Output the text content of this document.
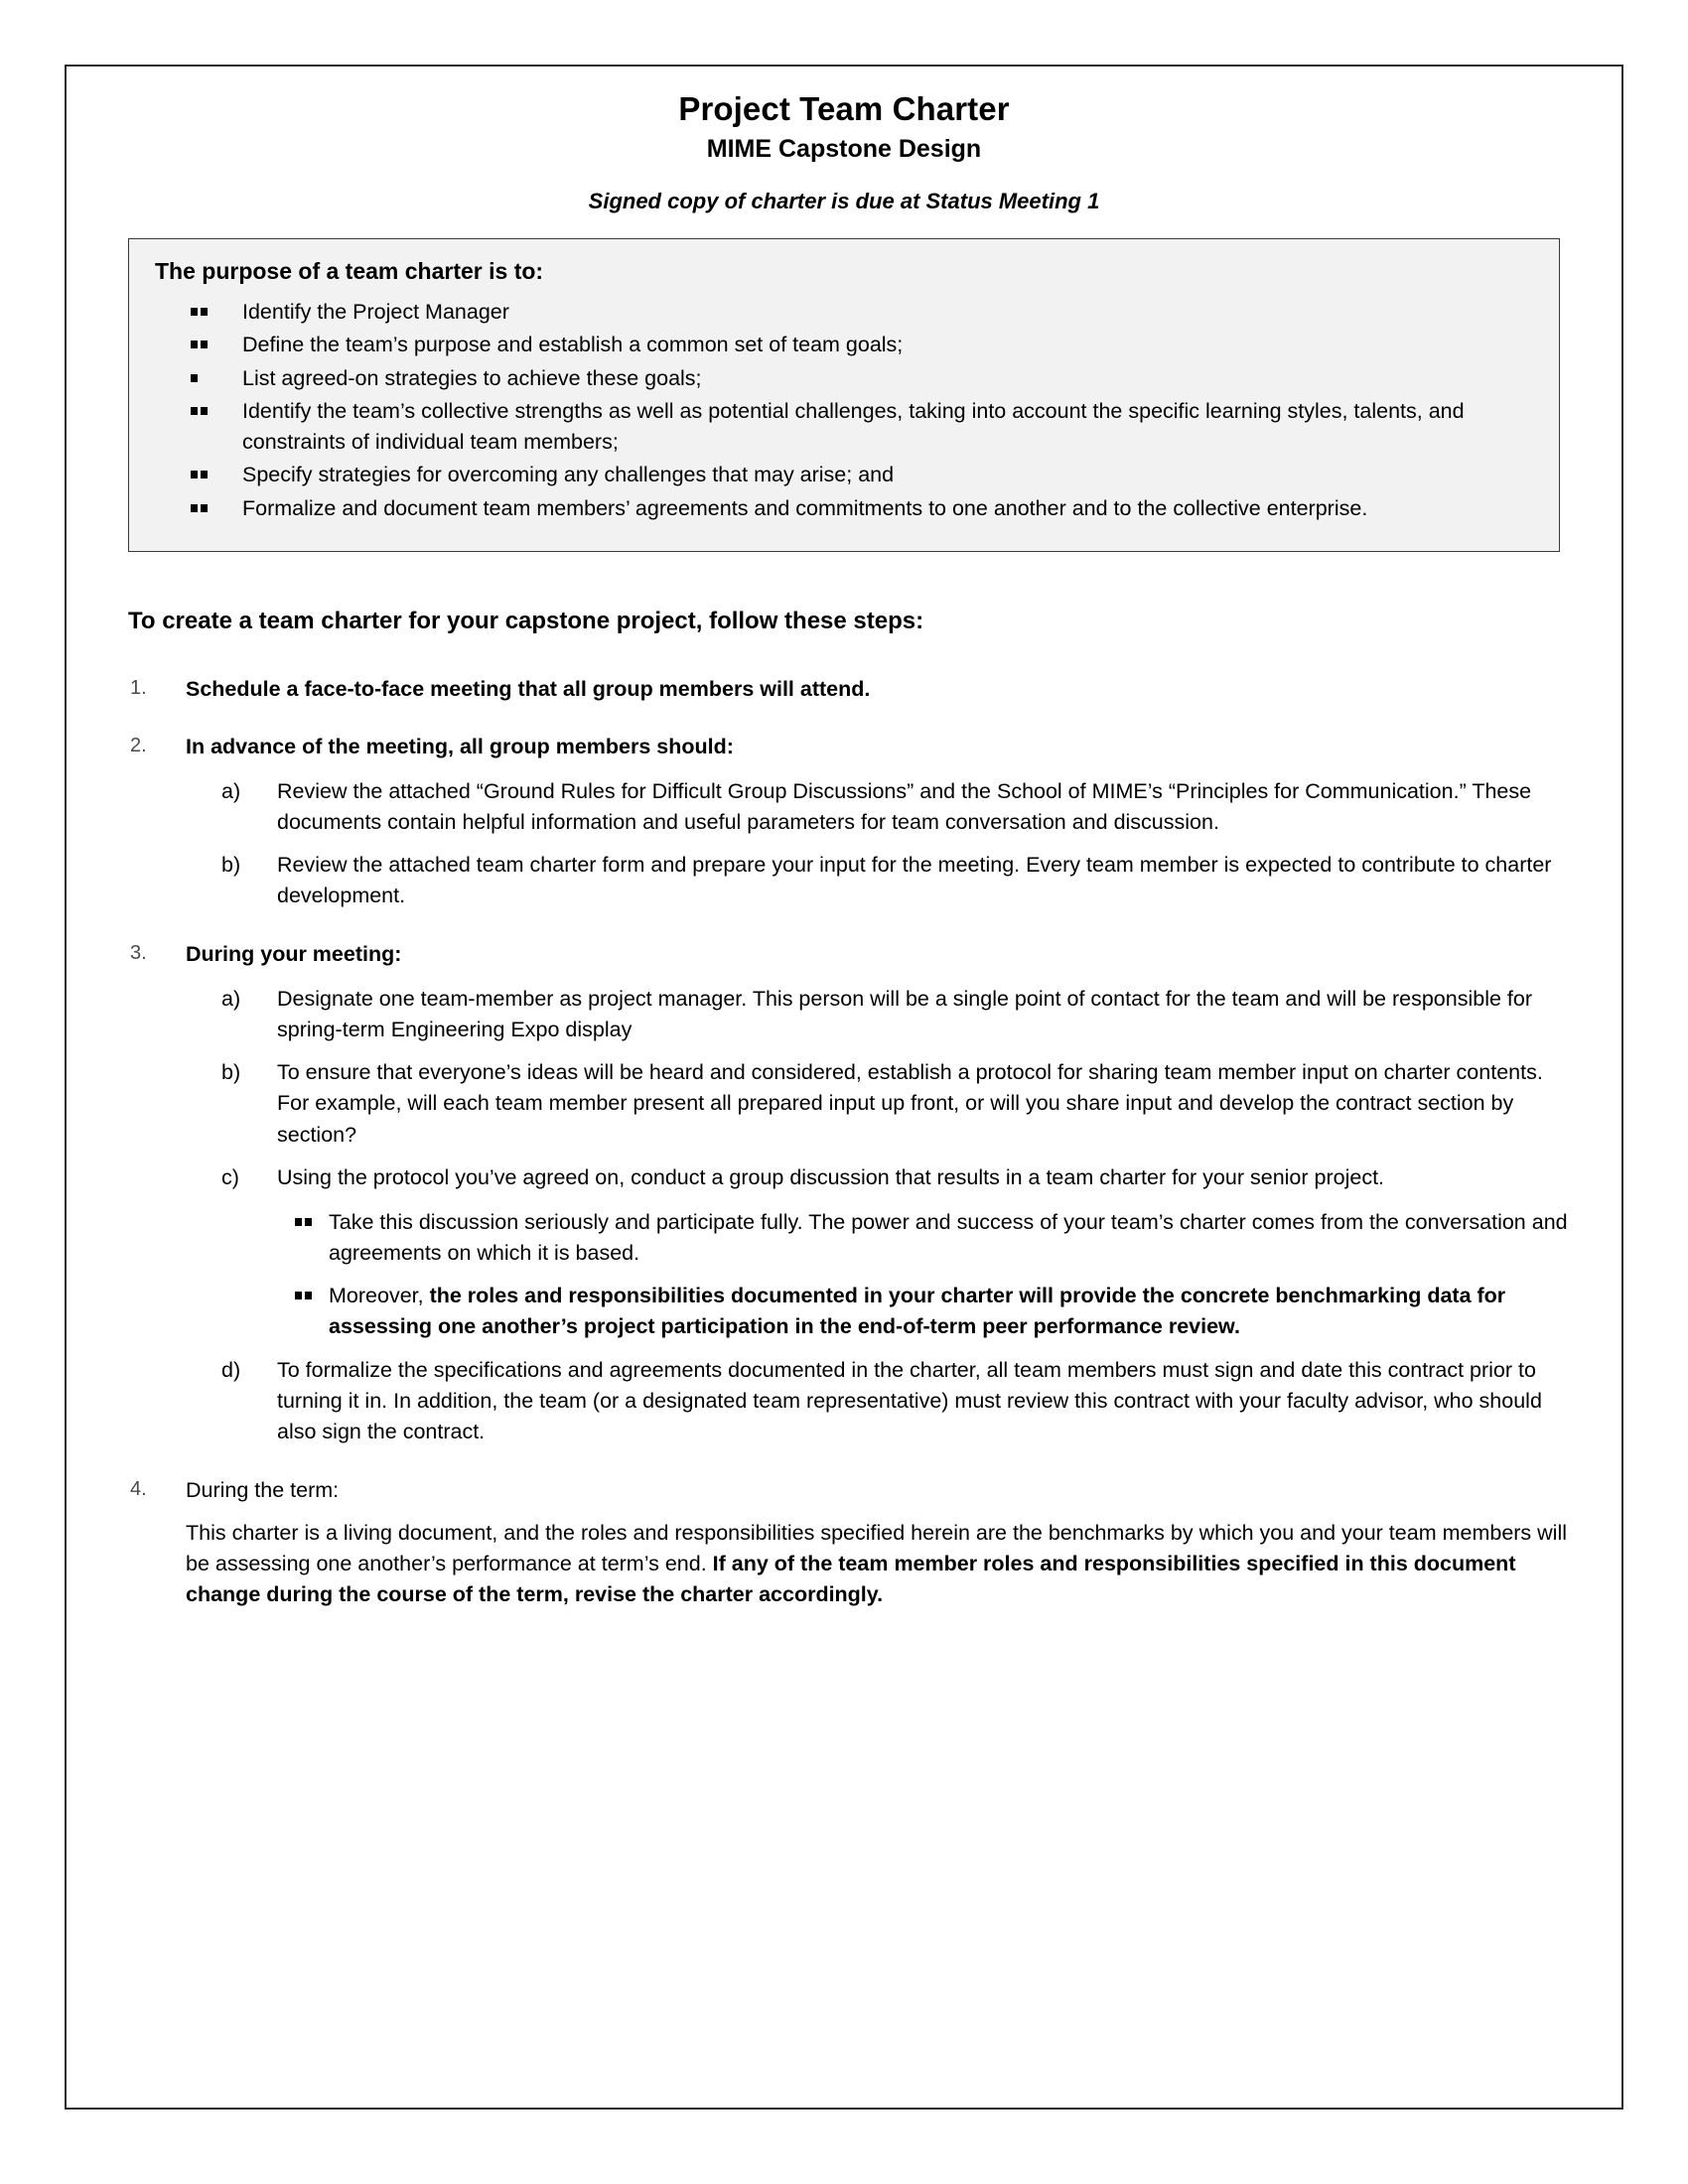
Project Team Charter
MIME Capstone Design
Signed copy of charter is due at Status Meeting 1
The purpose of a team charter is to:
Identify the Project Manager
Define the team’s purpose and establish a common set of team goals;
List agreed-on strategies to achieve these goals;
Identify the team’s collective strengths as well as potential challenges, taking into account the specific learning styles, talents, and constraints of individual team members;
Specify strategies for overcoming any challenges that may arise; and
Formalize and document team members’ agreements and commitments to one another and to the collective enterprise.
To create a team charter for your capstone project, follow these steps:
1. Schedule a face-to-face meeting that all group members will attend.
2. In advance of the meeting, all group members should:
a) Review the attached “Ground Rules for Difficult Group Discussions” and the School of MIME’s “Principles for Communication.” These documents contain helpful information and useful parameters for team conversation and discussion.
b) Review the attached team charter form and prepare your input for the meeting. Every team member is expected to contribute to charter development.
3. During your meeting:
a) Designate one team-member as project manager. This person will be a single point of contact for the team and will be responsible for spring-term Engineering Expo display
b) To ensure that everyone’s ideas will be heard and considered, establish a protocol for sharing team member input on charter contents. For example, will each team member present all prepared input up front, or will you share input and develop the contract section by section?
c) Using the protocol you’ve agreed on, conduct a group discussion that results in a team charter for your senior project.
Take this discussion seriously and participate fully. The power and success of your team’s charter comes from the conversation and agreements on which it is based.
Moreover, the roles and responsibilities documented in your charter will provide the concrete benchmarking data for assessing one another’s project participation in the end-of-term peer performance review.
d) To formalize the specifications and agreements documented in the charter, all team members must sign and date this contract prior to turning it in. In addition, the team (or a designated team representative) must review this contract with your faculty advisor, who should also sign the contract.
4. During the term:

This charter is a living document, and the roles and responsibilities specified herein are the benchmarks by which you and your team members will be assessing one another’s performance at term’s end. If any of the team member roles and responsibilities specified in this document change during the course of the term, revise the charter accordingly.
